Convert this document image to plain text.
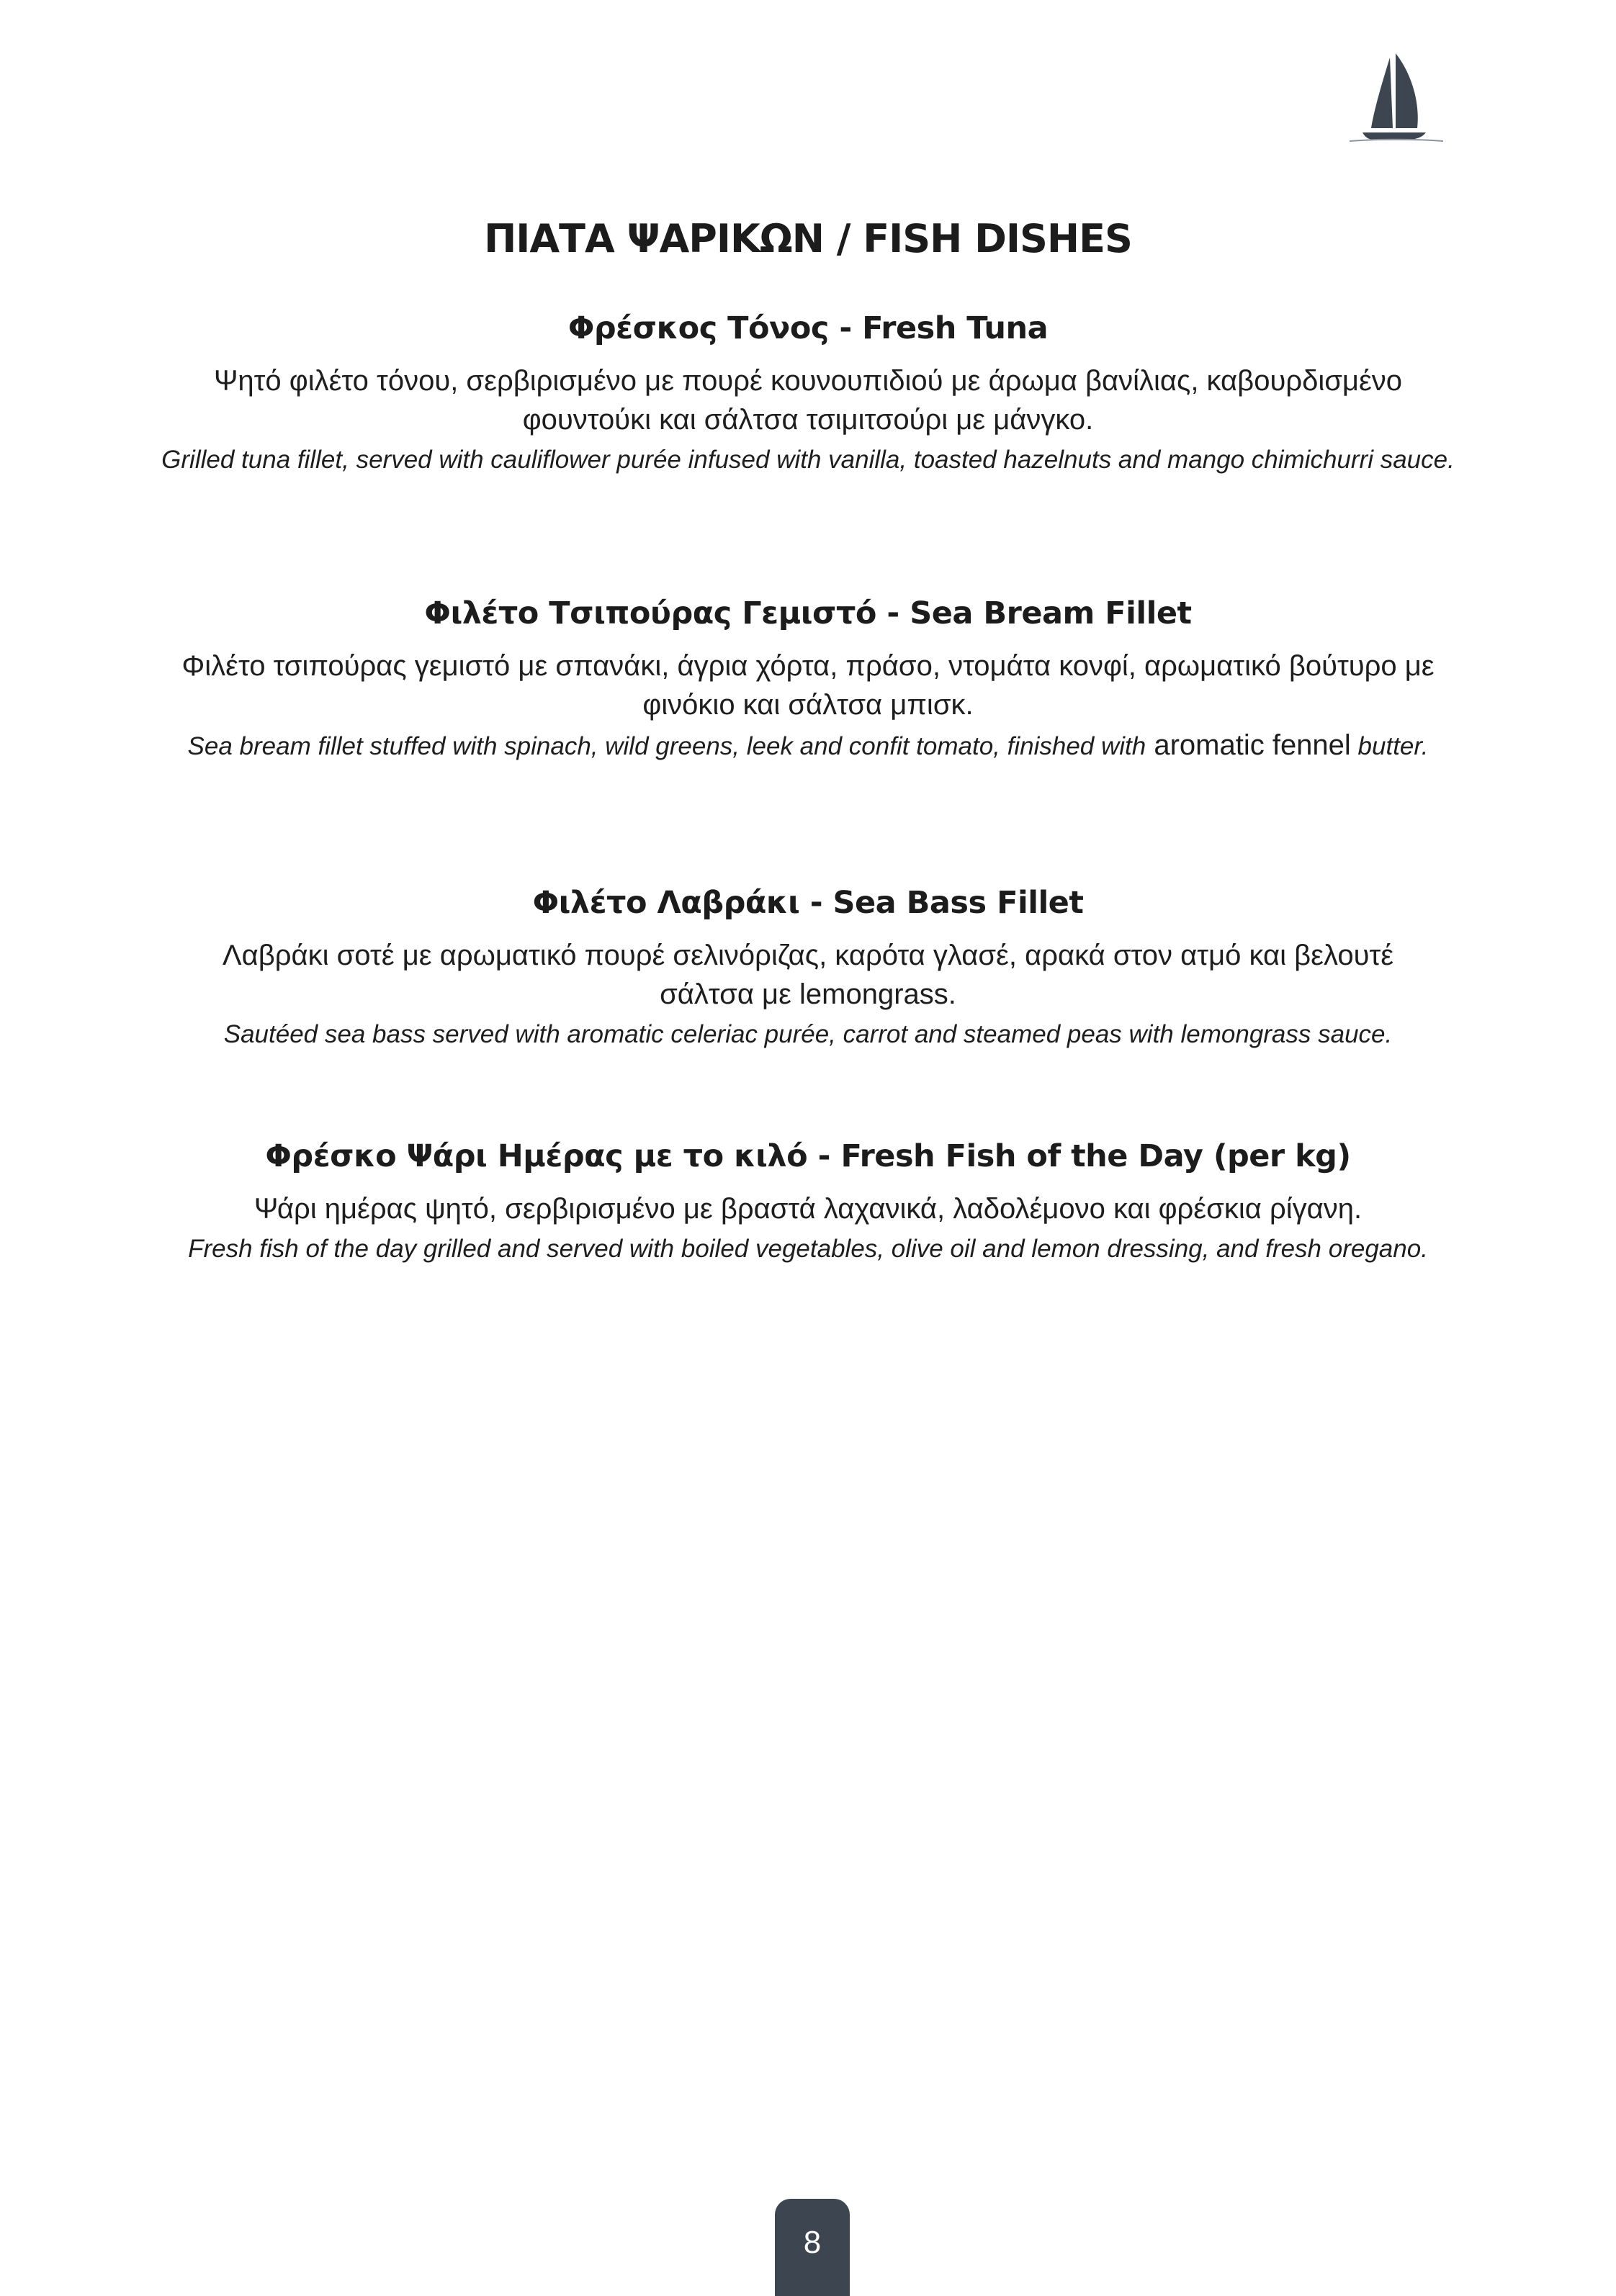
ΠΙΑΤΑ ΨΑΡΙΚΩΝ / FISH DISHES
Φρέσκος Τόνος - Fresh Tuna

Ψητό φιλέτο τόνου, σερβιρισμένο με πουρέ κουνουπιδιού με άρωμα βανίλιας, καβουρδισμένο φουντούκι και σάλτσα τσιμιτσούρι με μάνγκο.

Grilled tuna fillet, served with cauliflower purée infused with vanilla, toasted hazelnuts and mango chimichurri sauce.

Φιλέτο Τσιπούρας Γεμιστό - Sea Bream Fillet

Φιλέτο τσιπούρας γεμιστό με σπανάκι, άγρια χόρτα, πράσο, ντομάτα κονφί, αρωματικό βούτυρο με φινόκιο και σάλτσα μπισκ.

Sea bream fillet stuffed with spinach, wild greens, leek and confit tomato, finished with aromatic fennel butter.

Φιλέτο Λαβράκι - Sea Bass Fillet

Λαβράκι σοτέ με αρωματικό πουρέ σελινόριζας, καρότα γλασέ, αρακά στον ατμό και βελουτέ σάλτσα με lemongrass.

Sautéed sea bass served with aromatic celeriac purée, carrot and steamed peas with lemongrass sauce.

Φρέσκο Ψάρι Ημέρας με το κιλό - Fresh Fish of the Day (per kg)

Ψάρι ημέρας ψητό, σερβιρισμένο με βραστά λαχανικά, λαδολέμονο και φρέσκια ρίγανη.

Fresh fish of the day grilled and served with boiled vegetables, olive oil and lemon dressing, and fresh oregano.

8
